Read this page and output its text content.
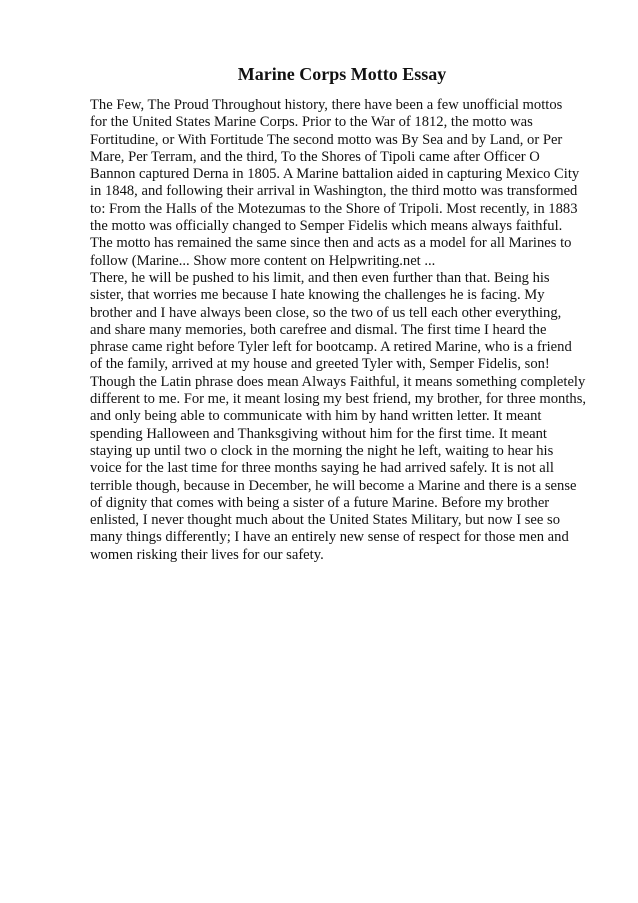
Marine Corps Motto Essay

The Few, The Proud Throughout history, there have been a few unofficial mottos

for the United States Marine Corps. Prior to the War of 1812, the motto was

Fortitudine, or With Fortitude The second motto was By Sea and by Land, or Per

Mare, Per Terram, and the third, To the Shores of Tipoli came after Officer O

Bannon captured Derna in 1805. A Marine battalion aided in capturing Mexico City

in 1848, and following their arrival in Washington, the third motto was transformed

to: From the Halls of the Motezumas to the Shore of Tripoli. Most recently, in 1883

the motto was officially changed to Semper Fidelis which means always faithful.

The motto has remained the same since then and acts as a model for all Marines to

follow (Marine... Show more content on Helpwriting.net ...

There, he will be pushed to his limit, and then even further than that. Being his

sister, that worries me because I hate knowing the challenges he is facing. My

brother and I have always been close, so the two of us tell each other everything,

and share many memories, both carefree and dismal. The first time I heard the

phrase came right before Tyler left for bootcamp. A retired Marine, who is a friend

of the family, arrived at my house and greeted Tyler with, Semper Fidelis, son!

Though the Latin phrase does mean Always Faithful, it means something completely

different to me. For me, it meant losing my best friend, my brother, for three months,

and only being able to communicate with him by hand written letter. It meant

spending Halloween and Thanksgiving without him for the first time. It meant

staying up until two o clock in the morning the night he left, waiting to hear his

voice for the last time for three months saying he had arrived safely. It is not all

terrible though, because in December, he will become a Marine and there is a sense

of dignity that comes with being a sister of a future Marine. Before my brother

enlisted, I never thought much about the United States Military, but now I see so

many things differently; I have an entirely new sense of respect for those men and

women risking their lives for our safety.
